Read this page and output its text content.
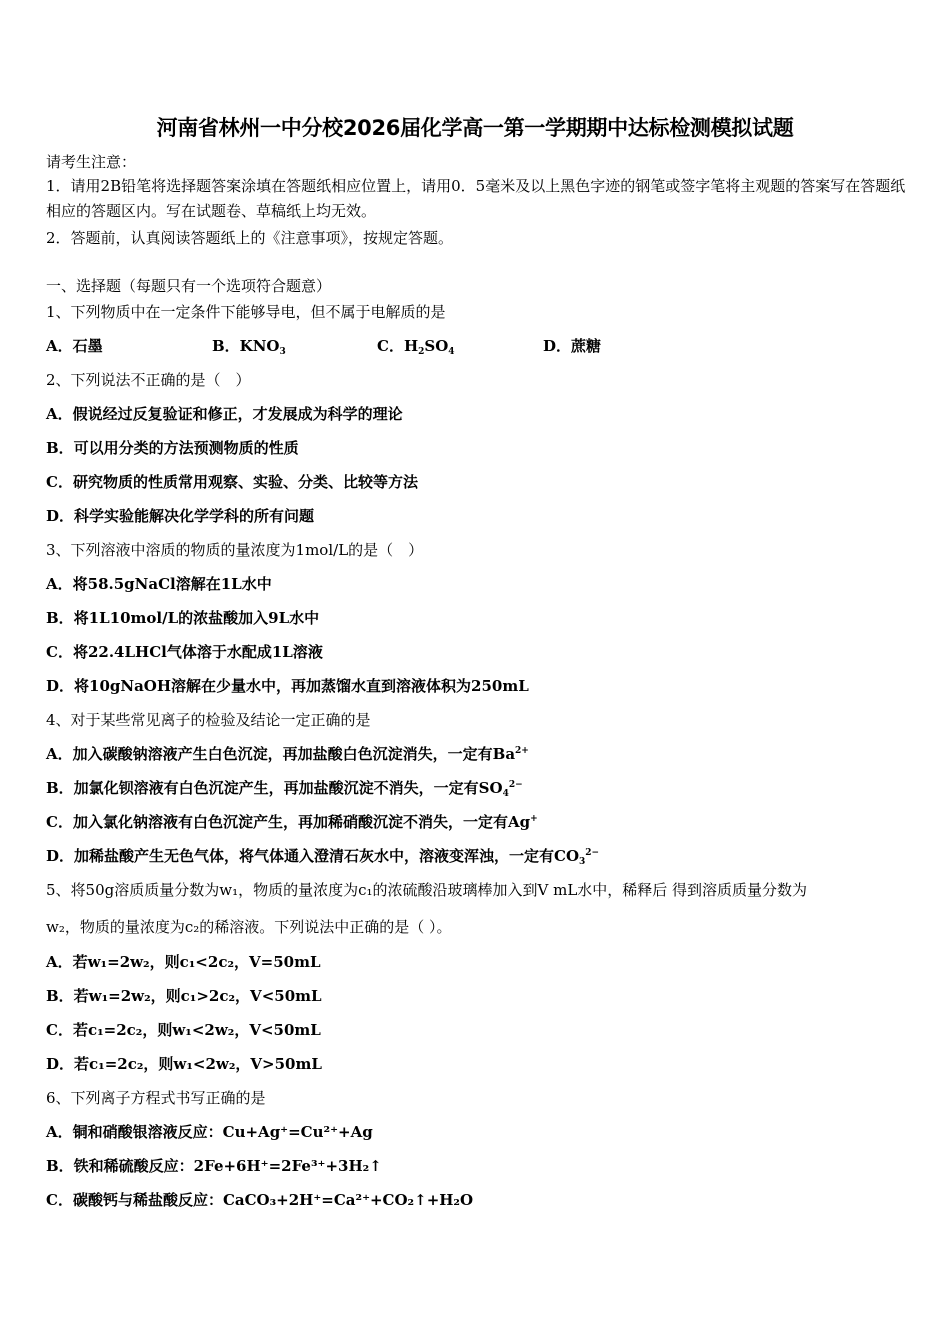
河南省林州一中分校2026届化学高一第一学期期中达标检测模拟试题
请考生注意：
1．请用2B铅笔将选择题答案涂填在答题纸相应位置上，请用0．5毫米及以上黑色字迹的钢笔或签字笔将主观题的答案写在答题纸相应的答题区内。写在试题卷、草稿纸上均无效。
2．答题前，认真阅读答题纸上的《注意事项》，按规定答题。
一、选择题（每题只有一个选项符合题意）
1、下列物质中在一定条件下能够导电，但不属于电解质的是
A．石墨	B．$KNO_3$	C．$H_2SO_4$	D．蔗糖
2、下列说法不正确的是（　）
A．假说经过反复验证和修正，才发展成为科学的理论
B．可以用分类的方法预测物质的性质
C．研究物质的性质常用观察、实验、分类、比较等方法
D．科学实验能解决化学学科的所有问题
3、下列溶液中溶质的物质的量浓度为1mol/L的是（　）
A．将58.5gNaCl溶解在1L水中
B．将1L10mol/L的浓盐酸加入9L水中
C．将22.4LHCl气体溶于水配成1L溶液
D．将10gNaOH溶解在少量水中，再加蒸馏水直到溶液体积为250mL
4、对于某些常见离子的检验及结论一定正确的是
A．加入碳酸钠溶液产生白色沉淀，再加盐酸白色沉淀消失，一定有$Ba^{2+}$
B．加氯化钡溶液有白色沉淀产生，再加盐酸沉淀不消失，一定有$SO_4^{2-}$
C．加入氯化钠溶液有白色沉淀产生，再加稀硝酸沉淀不消失，一定有Ag+
D．加稀盐酸产生无色气体，将气体通入澄清石灰水中，溶液变浑浊，一定有$CO_3^{2-}$
5、将50g溶质质量分数为w₁，物质的量浓度为c₁的浓硫酸沿玻璃棒加入到V mL水中，稀释后 得到溶质质量分数为
w₂，物质的量浓度为c₂的稀溶液。下列说法中正确的是（ ）。
A．若w₁=2w₂，则c₁<2c₂，V=50mL
B．若w₁=2w₂，则c₁>2c₂，V<50mL
C．若c₁=2c₂，则w₁<2w₂，V<50mL
D．若c₁=2c₂，则w₁<2w₂，V>50mL
6、下列离子方程式书写正确的是
A．铜和硝酸银溶液反应：Cu+Ag⁺=Cu²⁺+Ag
B．铁和稀硫酸反应：2Fe+6H⁺=2Fe³⁺+3H₂↑
C．碳酸钙与稀盐酸反应：CaCO₃+2H⁺=Ca²⁺+CO₂↑+H₂O
